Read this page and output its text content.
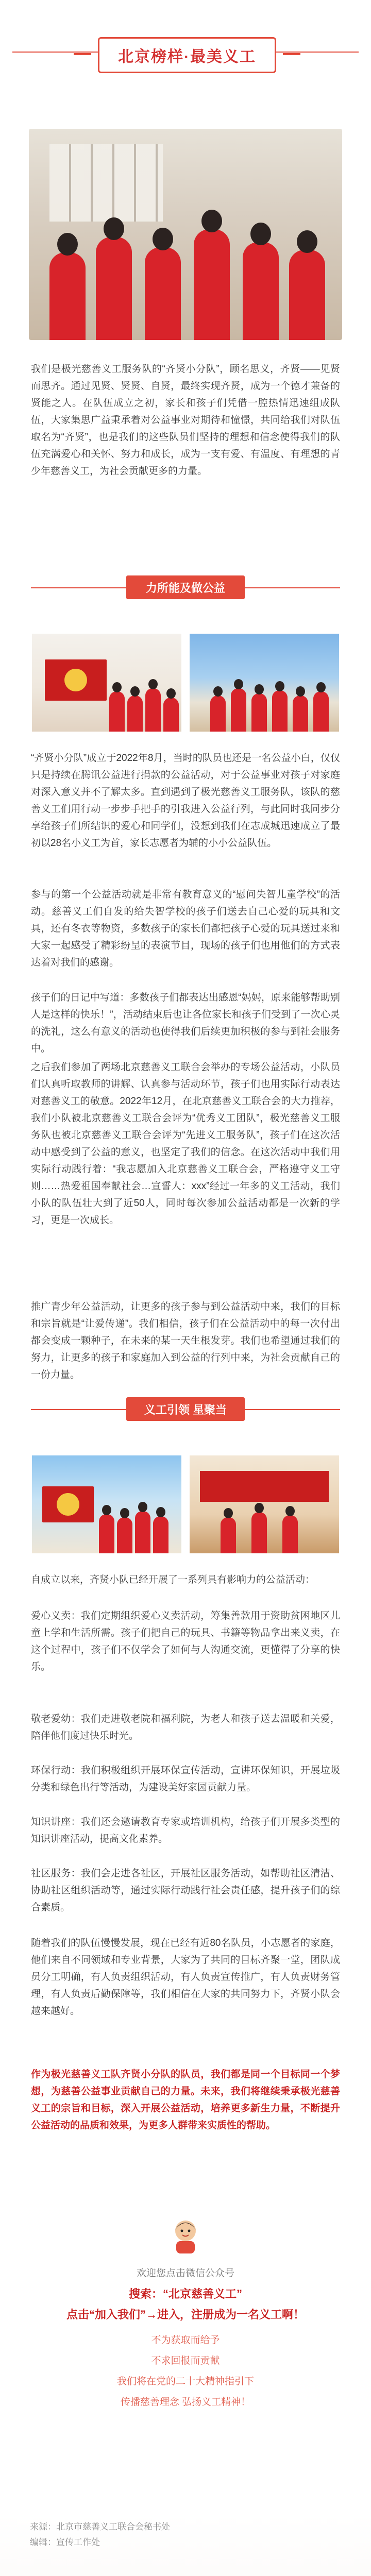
北京榜样·最美义工
我们是极光慈善义工服务队的“齐贤小分队”，顾名思义，齐贤——见贤而思齐。通过见贤、贤贤、自贤，最终实现齐贤，成为一个德才兼备的贤能之人。在队伍成立之初，家长和孩子们凭借一腔热情迅速组成队伍，大家集思广益秉承着对公益事业对期待和憧憬，共同给我们对队伍取名为“齐贤”，也是我们的这些队员们坚持的理想和信念使得我们的队伍充满爱心和关怀、努力和成长，成为一支有爱、有温度、有理想的青少年慈善义工，为社会贡献更多的力量。
力所能及做公益
“齐贤小分队”成立于2022年8月，当时的队员也还是一名公益小白，仅仅只是持续在腾讯公益进行捐款的公益活动，对于公益事业对孩子对家庭对深入意义并不了解太多。直到遇到了极光慈善义工服务队，该队的慈善义工们用行动一步步手把手的引我进入公益行列，与此同时我同步分享给孩子们所结识的爱心和同学们，没想到我们在志成城迅速成立了最初以28名小义工为首，家长志愿者为辅的小小公益队伍。
参与的第一个公益活动就是非常有教育意义的“慰问失智儿童学校”的活动。慈善义工们自发的给失智学校的孩子们送去自己心爱的玩具和文具，还有冬衣等物资，多数孩子的家长们都把孩子心爱的玩具送过来和大家一起感受了精彩纷呈的表演节目，现场的孩子们也用他们的方式表达着对我们的感谢。
孩子们的日记中写道：多数孩子们都表达出感恩“妈妈，原来能够帮助别人是这样的快乐！”，活动结束后也让各位家长和孩子们受到了一次心灵的洗礼，这么有意义的活动也使得我们后续更加积极的参与到社会服务中。
之后我们参加了两场北京慈善义工联合会举办的专场公益活动，小队员们认真听取教师的讲解、认真参与活动环节，孩子们也用实际行动表达对慈善义工的敬意。2022年12月，在北京慈善义工联合会的大力推荐，我们小队被北京慈善义工联合会评为“优秀义工团队”，极光慈善义工服务队也被北京慈善义工联合会评为“先进义工服务队”，孩子们在这次活动中感受到了公益的意义，也坚定了我们的信念。在这次活动中我们用实际行动践行着：“我志愿加入北京慈善义工联合会，严格遵守义工守则……热爱祖国奉献社会…宣誓人：xxx”经过一年多的义工活动，我们小队的队伍壮大到了近50人，同时每次参加公益活动都是一次新的学习，更是一次成长。
推广青少年公益活动，让更多的孩子参与到公益活动中来，我们的目标和宗旨就是“让爱传递”。我们相信，孩子们在公益活动中的每一次付出都会变成一颗种子，在未来的某一天生根发芽。我们也希望通过我们的努力，让更多的孩子和家庭加入到公益的行列中来，为社会贡献自己的一份力量。
义工引领 星聚当
自成立以来，齐贤小队已经开展了一系列具有影响力的公益活动：
爱心义卖：我们定期组织爱心义卖活动，筹集善款用于资助贫困地区儿童上学和生活所需。孩子们把自己的玩具、书籍等物品拿出来义卖，在这个过程中，孩子们不仅学会了如何与人沟通交流，更懂得了分享的快乐。
敬老爱幼：我们走进敬老院和福利院，为老人和孩子送去温暖和关爱，陪伴他们度过快乐时光。
环保行动：我们积极组织开展环保宣传活动，宣讲环保知识，开展垃圾分类和绿色出行等活动，为建设美好家园贡献力量。
知识讲座：我们还会邀请教育专家或培训机构，给孩子们开展多类型的知识讲座活动，提高文化素养。
社区服务：我们会走进各社区，开展社区服务活动，如帮助社区清洁、协助社区组织活动等，通过实际行动践行社会责任感，提升孩子们的综合素质。
随着我们的队伍慢慢发展，现在已经有近80名队员，小志愿者的家庭，他们来自不同领域和专业背景，大家为了共同的目标齐聚一堂，团队成员分工明确，有人负责组织活动，有人负责宣传推广，有人负责财务管理，有人负责后勤保障等，我们相信在大家的共同努力下，齐贤小队会越来越好。
作为极光慈善义工队齐贤小分队的队员，我们都是同一个目标同一个梦想，为慈善公益事业贡献自己的力量。未来，我们将继续秉承极光慈善义工的宗旨和目标，深入开展公益活动，培养更多新生力量，不断提升公益活动的品质和效果，为更多人群带来实质性的帮助。
欢迎您点击微信公众号
搜索：“北京慈善义工”
点击“加入我们”→进入，注册成为一名义工啊！
不为获取而给予
不求回报而贡献
我们将在党的二十大精神指引下
传播慈善理念 弘扬义工精神！
来源：北京市慈善义工联合会秘书处
编辑：宣传工作处
